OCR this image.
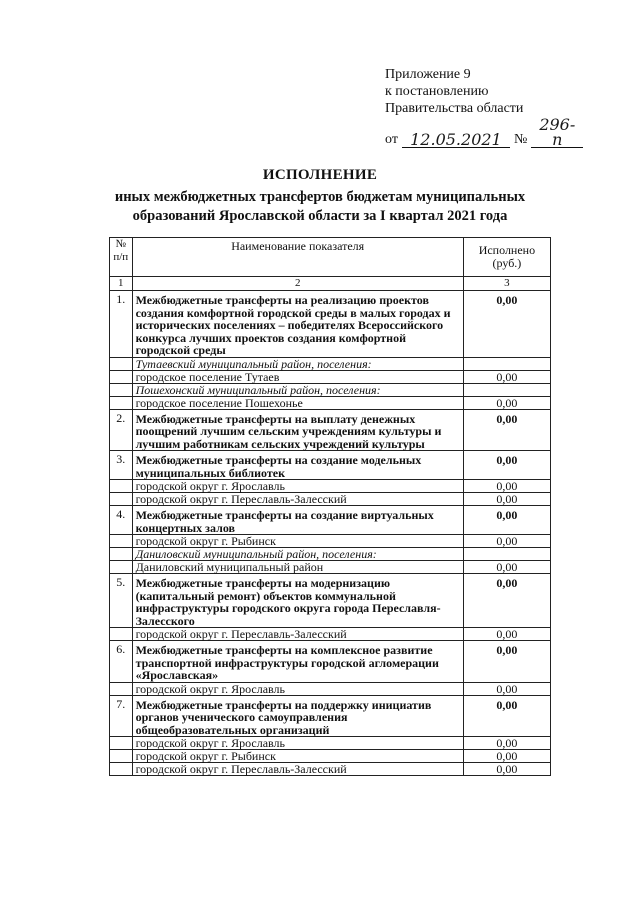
Приложение 9
к постановлению
Правительства области
от 12.05.2021 №
296-п
ИСПОЛНЕНИЕ
иных межбюджетных трансфертов бюджетам муниципальных
образований Ярославской области за I квартал 2021 года
№ п/п	Наименование показателя	Исполнено (руб.)
1	2	3
1.	Межбюджетные трансферты на реализацию проектов создания комфортной городской среды в малых городах и исторических поселениях – победителях Всероссийского конкурса лучших проектов создания комфортной городской среды	0,00
	Тутаевский муниципальный район, поселения:	
	городское поселение Тутаев	0,00
	Пошехонский муниципальный район, поселения:	
	городское поселение Пошехонье	0,00
2.	Межбюджетные трансферты на выплату денежных поощрений лучшим сельским учреждениям культуры и лучшим работникам сельских учреждений культуры	0,00
3.	Межбюджетные трансферты на создание модельных муниципальных библиотек	0,00
	городской округ г. Ярославль	0,00
	городской округ г. Переславль-Залесский	0,00
4.	Межбюджетные трансферты на создание виртуальных концертных залов	0,00
	городской округ г. Рыбинск	0,00
	Даниловский муниципальный район, поселения:	
	Даниловский муниципальный район	0,00
5.	Межбюджетные трансферты на модернизацию (капитальный ремонт) объектов коммунальной инфраструктуры городского округа города Переславля-Залесского	0,00
	городской округ г. Переславль-Залесский	0,00
6.	Межбюджетные трансферты на комплексное развитие транспортной инфраструктуры городской агломерации «Ярославская»	0,00
	городской округ г. Ярославль	0,00
7.	Межбюджетные трансферты на поддержку инициатив органов ученического самоуправления общеобразовательных организаций	0,00
	городской округ г. Ярославль	0,00
	городской округ г. Рыбинск	0,00
	городской округ г. Переславль-Залесский	0,00
